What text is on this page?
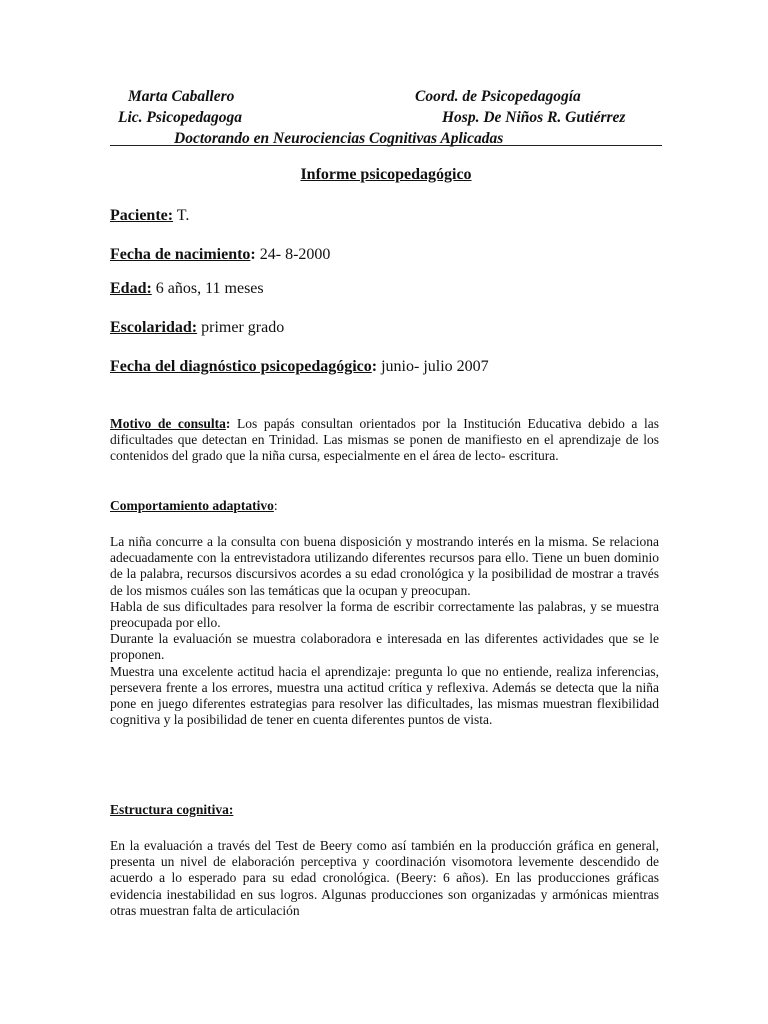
Marta Caballero	Coord. de Psicopedagogía
Lic. Psicopedagoga	Hosp. De Niños R. Gutiérrez
Doctorando en Neurociencias Cognitivas Aplicadas
Informe psicopedagógico
Paciente: T.
Fecha de nacimiento: 24- 8-2000
Edad: 6 años, 11 meses
Escolaridad: primer grado
Fecha del diagnóstico psicopedagógico: junio- julio 2007

Motivo de consulta: Los papás consultan orientados por la Institución Educativa debido a las dificultades que detectan en Trinidad. Las mismas se ponen de manifiesto en el aprendizaje de los contenidos del grado que la niña cursa, especialmente en el área de lecto- escritura.

Comportamiento adaptativo:

La niña concurre a la consulta con buena disposición y mostrando interés en la misma. Se relaciona adecuadamente con la entrevistadora utilizando diferentes recursos para ello. Tiene un buen dominio de la palabra, recursos discursivos acordes a su edad cronológica y la posibilidad de mostrar a través de los mismos cuáles son las temáticas que la ocupan y preocupan.

Habla de sus dificultades para resolver la forma de escribir correctamente las palabras, y se muestra preocupada por ello.

Durante la evaluación se muestra colaboradora e interesada en las diferentes actividades que se le proponen.

Muestra una excelente actitud hacia el aprendizaje: pregunta lo que no entiende, realiza inferencias, persevera frente a los errores, muestra una actitud crítica y reflexiva. Además se detecta que la niña pone en juego diferentes estrategias para resolver las dificultades, las mismas muestran flexibilidad cognitiva y la posibilidad de tener en cuenta diferentes puntos de vista.

Estructura cognitiva:

En la evaluación a través del Test de Beery como así también en la producción gráfica en general, presenta un nivel de elaboración perceptiva y coordinación visomotora levemente descendido de acuerdo a lo esperado para su edad cronológica. (Beery: 6 años). En las producciones gráficas evidencia inestabilidad en sus logros. Algunas producciones son organizadas y armónicas mientras otras muestran falta de articulación
